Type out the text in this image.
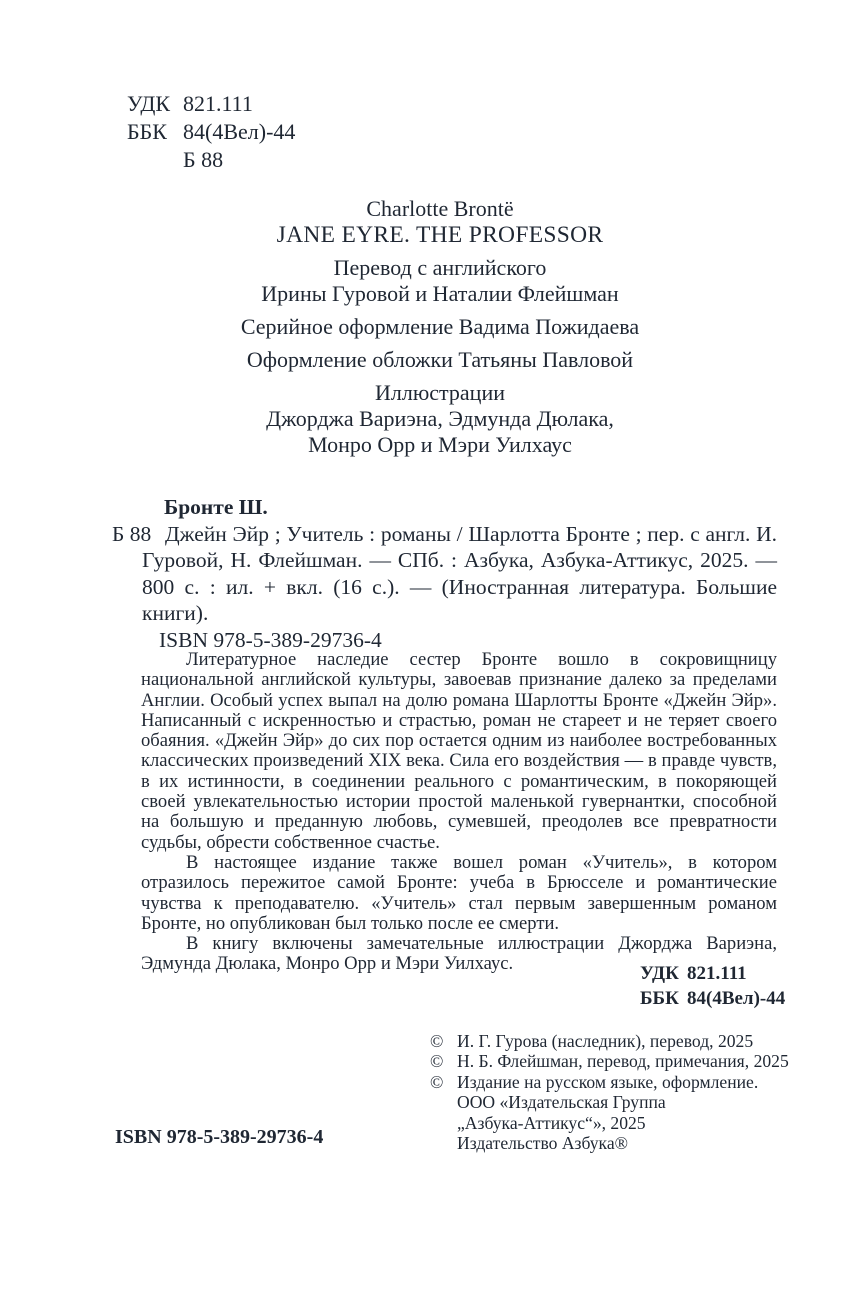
УДК 821.111
ББК 84(4Вел)-44
Б 88
Charlotte Brontë
JANE EYRE. THE PROFESSOR
Перевод с английского
Ирины Гуровой и Наталии Флейшман
Серийное оформление Вадима Пожидаева
Оформление обложки Татьяны Павловой
Иллюстрации
Джорджа Вариэна, Эдмунда Дюлака,
Монро Орр и Мэри Уилхаус
Бронте Ш.

Б 88 Джейн Эйр ; Учитель : романы / Шарлотта Бронте ; пер. с англ. И. Гуровой, Н. Флейшман. — СПб. : Азбука, Азбука-Аттикус, 2025. — 800 с. : ил. + вкл. (16 с.). — (Иностранная литература. Большие книги).

ISBN 978-5-389-29736-4

Литературное наследие сестер Бронте вошло в сокровищницу национальной английской культуры, завоевав признание далеко за пределами Англии. Особый успех выпал на долю романа Шарлотты Бронте «Джейн Эйр». Написанный с искренностью и страстью, роман не стареет и не теряет своего обаяния. «Джейн Эйр» до сих пор остается одним из наиболее востребованных классических произведений XIX века. Сила его воздействия — в правде чувств, в их истинности, в соединении реального с романтическим, в покоряющей своей увлекательностью истории простой маленькой гувернантки, способной на большую и преданную любовь, сумевшей, преодолев все превратности судьбы, обрести собственное счастье.

В настоящее издание также вошел роман «Учитель», в котором отразилось пережитое самой Бронте: учеба в Брюсселе и романтические чувства к преподавателю. «Учитель» стал первым завершенным романом Бронте, но опубликован был только после ее смерти.

В книгу включены замечательные иллюстрации Джорджа Вариэна, Эдмунда Дюлака, Монро Орр и Мэри Уилхаус.	УДК 821.111
ББК 84(4Вел)-44
© И. Г. Гурова (наследник), перевод, 2025
© Н. Б. Флейшман, перевод, примечания, 2025
© Издание на русском языке, оформление.
ООО «Издательская Группа
„Азбука-Аттикус“», 2025
Издательство Азбука®
ISBN 978-5-389-29736-4
